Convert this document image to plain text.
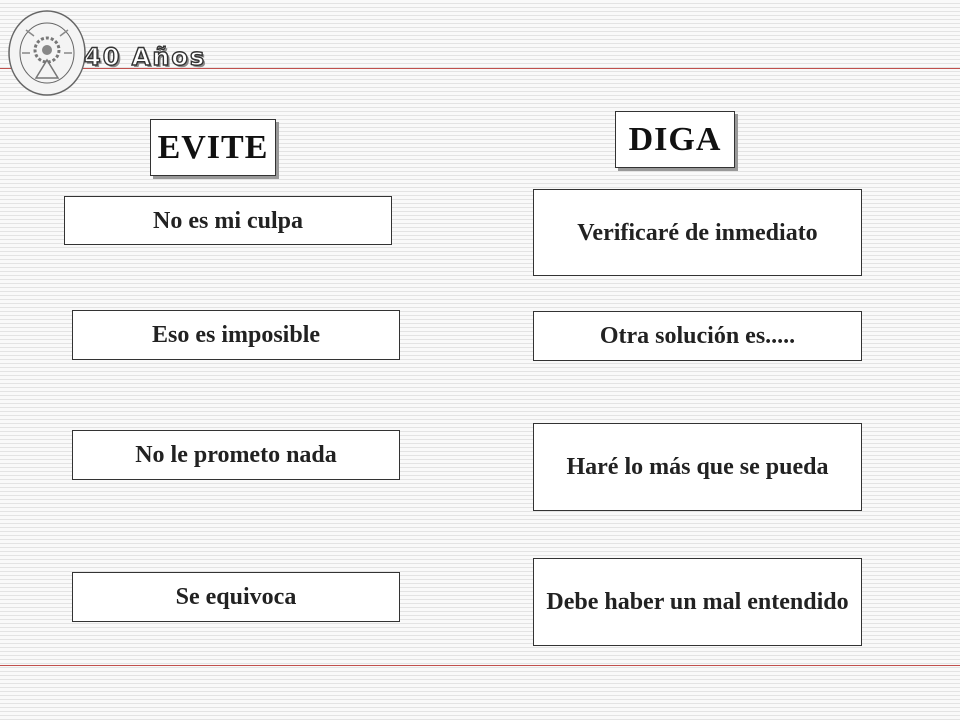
40 Años
EVITE	DIGA
No es mi culpa
Eso es imposible
No le prometo nada
Se equivoca
Verificaré de inmediato
Otra solución es.....
Haré lo más que se pueda
Debe haber un mal entendido
